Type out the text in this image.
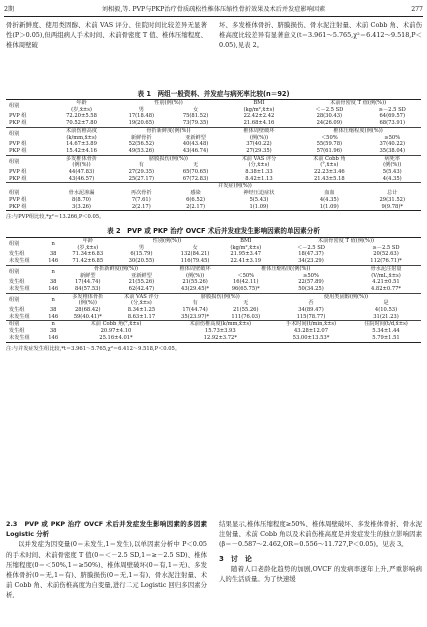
2期	刘相毅,等. PVP与PKP治疗骨质疏松性椎体压缩性骨折效果及术后并发症影响因素	277

骨折新鲜度、使用类固醇、术前 VAS 评分、住院时间比较差异无显著性(P＞0.05),但两组病人手术时间、术前骨密度 T 值、椎体压缩程度、椎体周壁破

坏、多发椎体骨折、脐膜损伤、骨水泥注射量、术前 Cobb 角、术前伤椎高度比较差异有显著意义(t＝3.961～5.765,χ²＝6.412～9.518,P＜0.05),见表 2。

表 1　两组一般资料、并发症与病死率比较(n＝92)
组别	年龄	性别(例(%))		BMI	术前骨密度 T 值(例(%))	
	(岁,x̄±s)	男	女	(kg/m²,x̄±s)	＜－2.5 SD	≥－2.5 SD
PVP 组	72.20±5.58	17(18.48)	75(81.52)	22.42±2.42	28(30.43)	64(69.57)
PKP 组	70.52±7.80	19(20.65)	73(79.35)	21.68±4.16	24(26.09)	68(73.91)
组别	术前伤椎高度	骨折新鲜度(例(%))		椎体周壁破坏	椎体压缩程度(例(%))	
	(k/mm,x̄±s)	新鲜骨折	亚新鲜型	(例(%))	＜50%	≥50%
PVP 组	14.67±3.89	52(56.52)	40(43.48)	37(40.22)	55(59.78)	37(40.22)
PKP 组	15.42±4.16	49(53.26)	43(46.74)	27(29.35)	57(61.96)	35(38.04)
组别	多发椎体骨折	脐膜损伤(例(%))		术前 VAS 评分	术前 Cobb 角	病死率
	(例(%))	有	无	(分,x̄±s)	(°,x̄±s)	(例(%))
PVP 组	44(47.83)	27(29.35)	65(70.65)	8.38±1.33	22.23±3.46	5(5.43)
PKP 组	43(46.57)	25(27.17)	67(72.83)	8.42±1.13	21.43±5.18	4(4.35)
	并发症(例(%))					
组别	骨水泥渗漏	再次骨折	感染	神经压迫症状	血血	总计
PVP 组	8(8.70)	7(7.61)	6(6.52)	5(5.43)	4(4.35)	29(31.52)
PKP 组	3(3.26)	2(2.17)	2(2.17)	1(1.09)	1(1.09)	9(9.78)*
注:与PVP组比较,*χ²＝13.266,P＜0.05。
表 2　PVP 或 PKP 治疗 OVCF 术后并发症发生影响因素的单因素分析
组别	n	年龄	性别(例(%))		BMI	术前骨密度 T 值(例(%))	
		(岁,x̄±s)	男	女	(kg/m²,x̄±s)	＜－2.5 SD	≥－2.5 SD
发生组	38	71.34±6.83	6(15.79)	132(84.21)	21.95±3.47	18(47.37)	20(52.63)
未发生组	146	71.42±6.85	30(20.55)	116(79.45)	22.41±3.19	34(23.29)	112(76.71)*
组别	n	骨折新鲜度(例(%))		椎体周壁破坏	椎体压缩程度(例(%))		骨水泥注射量
		新鲜型	亚新鲜型	(例(%))	＜50%	≥50%	(V/mL,x̄±s)
发生组	38	17(44.74)	21(55.26)	21(55.26)	16(42.11)	22(57.89)	4.21±0.51
未发生组	146	84(57.53)	62(42.47)	43(29.45)*	96(65.75)*	50(34.25)	4.82±0.77*
组别	n	多发椎体骨折	术前 VAS 评分	脐膜损伤(例(%))		使用类固醇(例(%))	
		(例(%))	(分,x̄±s)	有	无	否	是
发生组	38	28(68.42)	8.34±1.25	17(44.74)	21(55.26)	34(89.47)	4(10.53)
未发生组	146	59(40.41)*	8.63±1.17	35(23.97)*	111(76.03)	115(78.77)	31(21.23)
组别	n	术前 Cobb 角(°,x̄±s)		术前伤椎高度(k/mm,x̄±s)		手术时间(t/min,x̄±s)	住院时间(t/d,x̄±s)
发生组	38	20.97±4.10		15.73±3.93		43.28±12.07	5.34±1.44
未发生组	146	25.16±4.01*		12.92±3.72*		53.00±13.53*	5.79±1.51
注:与并发症发生组比较,*t＝3.961～5.765,χ²＝6.412～9.518,P＜0.05。

2.3　PVP 或 PKP 治疗 OVCF 术后并发症发生影响因素的多因素 Logistic 分析

以并发症为因变量(0＝未发生,1＝发生),以单因素分析中 P＜0.05 的手术时间、术前骨密度 T 值(0＝＜－2.5 SD,1＝≥－2.5 SD)、椎体压缩程度(0＝＜50%,1＝≥50%)、椎体周壁破坏(0＝有,1＝无)、多发椎体骨折(0＝无,1＝有)、脐膜损伤(0＝无,1＝有)、骨水泥注射量、术前 Cobb 角、术前伤椎高度为自变量,进行二元 Logistic 回归多因素分析,

结果显示,椎体压缩程度≥50%、椎体周壁破坏、多发椎体骨折、骨水泥注射量、术前 Cobb 角以及术前伤椎高度是并发症发生的独立影响因素(β＝－0.587～2.462,OR＝0.556～11.727,P＜0.05)。见表 3。

3　讨　论

随着人口老龄化趋势的加剧,OVCF 的发病率逐年上升,严重影响病人的生活质量。为了快速缓
